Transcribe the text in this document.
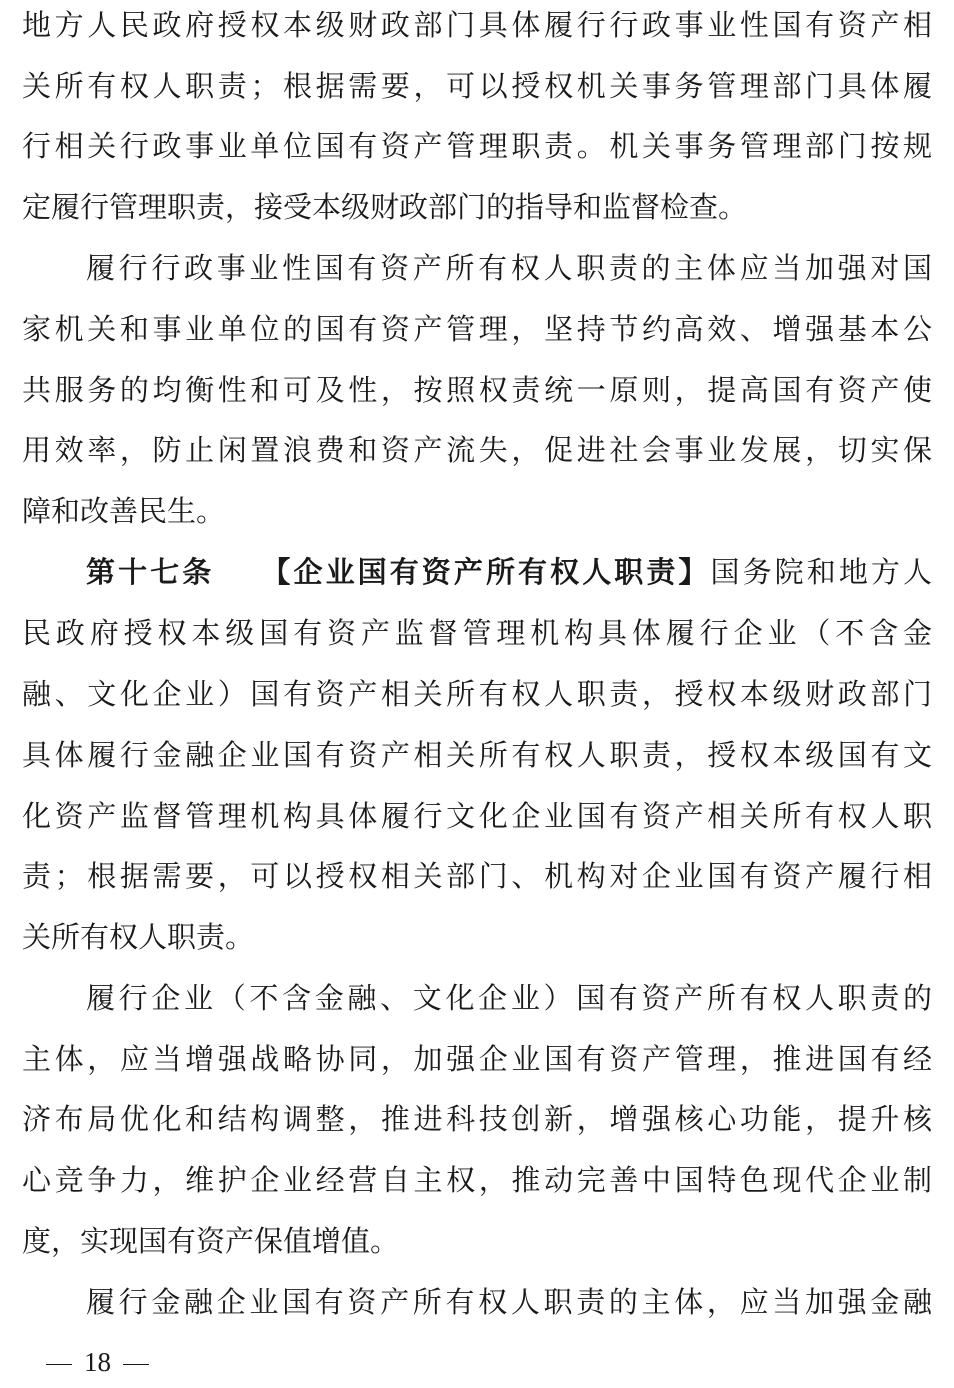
地方人民政府授权本级财政部门具体履行行政事业性国有资产相
关所有权人职责；根据需要，可以授权机关事务管理部门具体履
行相关行政事业单位国有资产管理职责。机关事务管理部门按规
定履行管理职责，接受本级财政部门的指导和监督检查。
履行行政事业性国有资产所有权人职责的主体应当加强对国
家机关和事业单位的国有资产管理，坚持节约高效、增强基本公
共服务的均衡性和可及性，按照权责统一原则，提高国有资产使
用效率，防止闲置浪费和资产流失，促进社会事业发展，切实保
障和改善民生。
第十七条 【企业国有资产所有权人职责】国务院和地方人
民政府授权本级国有资产监督管理机构具体履行企业（不含金
融、文化企业）国有资产相关所有权人职责，授权本级财政部门
具体履行金融企业国有资产相关所有权人职责，授权本级国有文
化资产监督管理机构具体履行文化企业国有资产相关所有权人职
责；根据需要，可以授权相关部门、机构对企业国有资产履行相
关所有权人职责。
履行企业（不含金融、文化企业）国有资产所有权人职责的
主体，应当增强战略协同，加强企业国有资产管理，推进国有经
济布局优化和结构调整，推进科技创新，增强核心功能，提升核
心竞争力，维护企业经营自主权，推动完善中国特色现代企业制
度，实现国有资产保值增值。
履行金融企业国有资产所有权人职责的主体，应当加强金融
18
